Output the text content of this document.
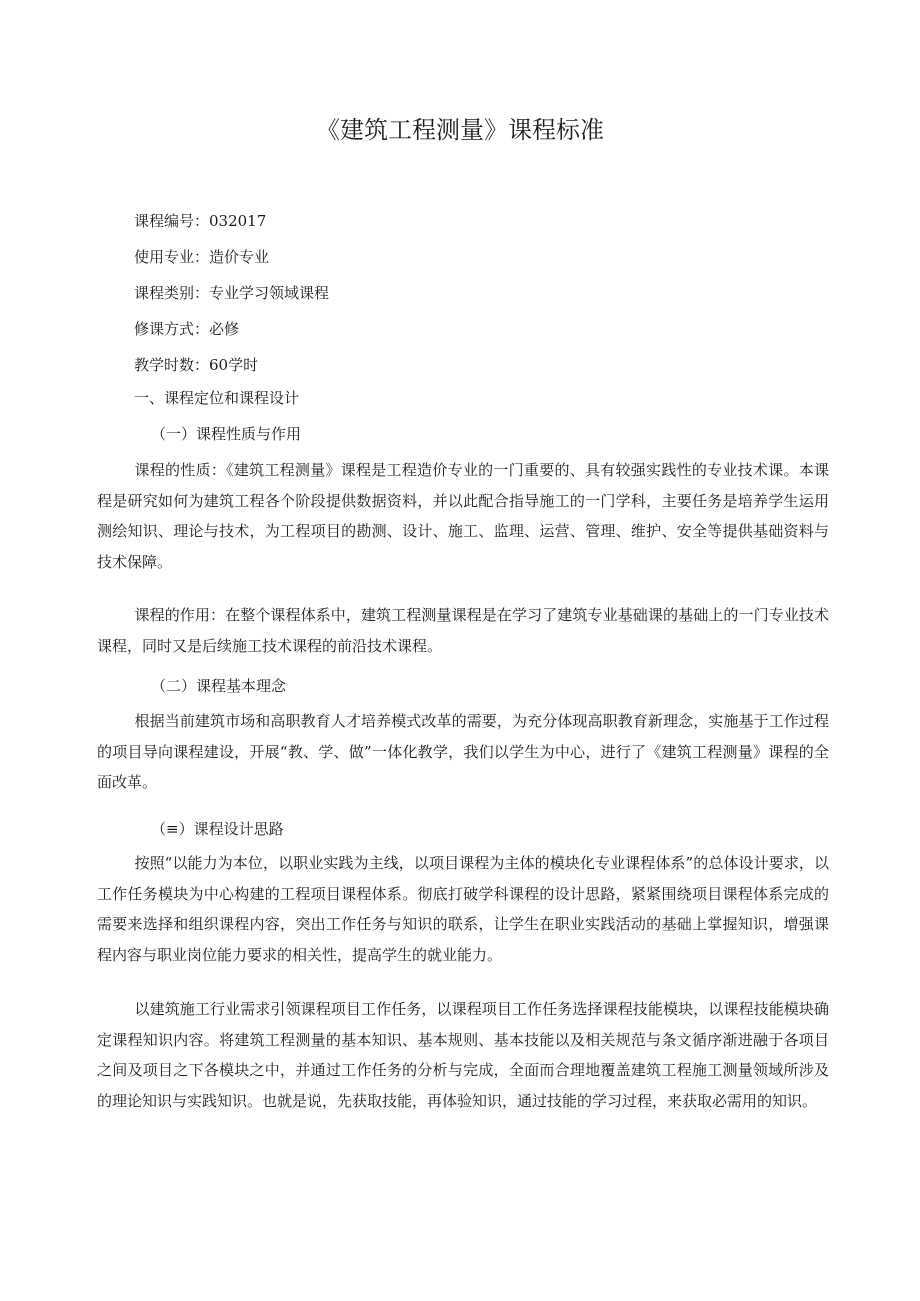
《建筑工程测量》课程标准
课程编号：032017
使用专业：造价专业
课程类别：专业学习领域课程
修课方式：必修
教学时数：60学时
一、课程定位和课程设计
（一）课程性质与作用

课程的性质：《建筑工程测量》课程是工程造价专业的一门重要的、具有较强实践性的专业技术课。本课程是研究如何为建筑工程各个阶段提供数据资料，并以此配合指导施工的一门学科，主要任务是培养学生运用测绘知识、理论与技术，为工程项目的勘测、设计、施工、监理、运营、管理、维护、安全等提供基础资料与技术保障。

课程的作用：在整个课程体系中，建筑工程测量课程是在学习了建筑专业基础课的基础上的一门专业技术课程，同时又是后续施工技术课程的前沿技术课程。

（二）课程基本理念

根据当前建筑市场和高职教育人才培养模式改革的需要，为充分体现高职教育新理念，实施基于工作过程的项目导向课程建设，开展“教、学、做”一体化教学，我们以学生为中心，进行了《建筑工程测量》课程的全面改革。

（≡）课程设计思路

按照“以能力为本位，以职业实践为主线，以项目课程为主体的模块化专业课程体系”的总体设计要求，以工作任务模块为中心构建的工程项目课程体系。彻底打破学科课程的设计思路，紧紧围绕项目课程体系完成的需要来选择和组织课程内容，突出工作任务与知识的联系，让学生在职业实践活动的基础上掌握知识，增强课程内容与职业岗位能力要求的相关性，提高学生的就业能力。

以建筑施工行业需求引领课程项目工作任务，以课程项目工作任务选择课程技能模块，以课程技能模块确定课程知识内容。将建筑工程测量的基本知识、基本规则、基本技能以及相关规范与条文循序渐进融于各项目之间及项目之下各模块之中，并通过工作任务的分析与完成，全面而合理地覆盖建筑工程施工测量领域所涉及的理论知识与实践知识。也就是说，先获取技能，再体验知识，通过技能的学习过程，来获取必需用的知识。
